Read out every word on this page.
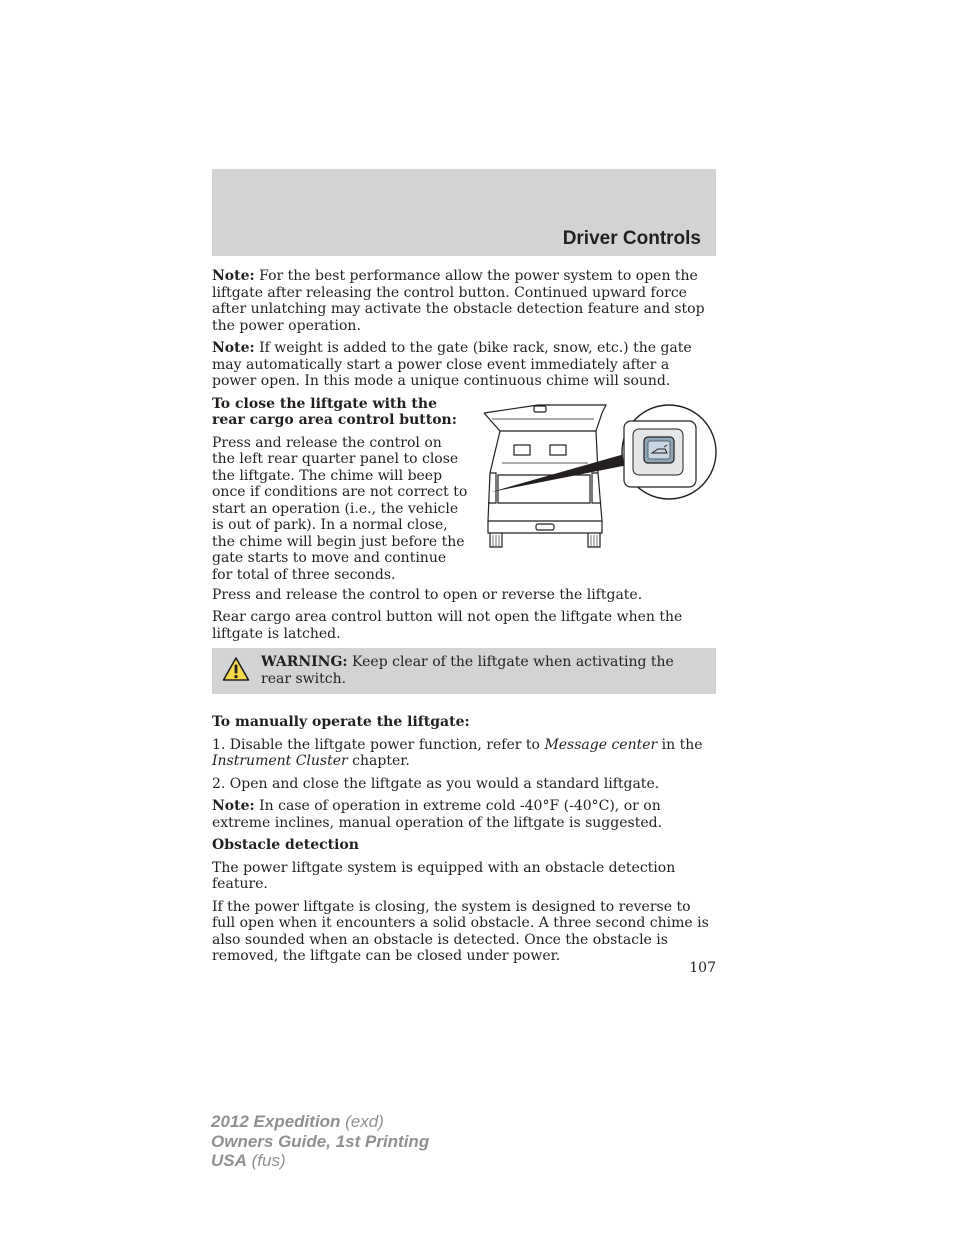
Driver Controls

Note: For the best performance allow the power system to open the liftgate after releasing the control button. Continued upward force after unlatching may activate the obstacle detection feature and stop the power operation.

Note: If weight is added to the gate (bike rack, snow, etc.) the gate may automatically start a power close event immediately after a power open. In this mode a unique continuous chime will sound.

To close the liftgate with the rear cargo area control button:

Press and release the control on the left rear quarter panel to close the liftgate. The chime will beep once if conditions are not correct to start an operation (i.e., the vehicle is out of park). In a normal close, the chime will begin just before the gate starts to move and continue for total of three seconds.

Press and release the control to open or reverse the liftgate.

Rear cargo area control button will not open the liftgate when the liftgate is latched.

WARNING: Keep clear of the liftgate when activating the rear switch.

To manually operate the liftgate:

1. Disable the liftgate power function, refer to Message center in the Instrument Cluster chapter.

2. Open and close the liftgate as you would a standard liftgate.

Note: In case of operation in extreme cold -40°F (-40°C), or on extreme inclines, manual operation of the liftgate is suggested.

Obstacle detection

The power liftgate system is equipped with an obstacle detection feature.

If the power liftgate is closing, the system is designed to reverse to full open when it encounters a solid obstacle. A three second chime is also sounded when an obstacle is detected. Once the obstacle is removed, the liftgate can be closed under power.

107
2012 Expedition (exd)
Owners Guide, 1st Printing
USA (fus)
